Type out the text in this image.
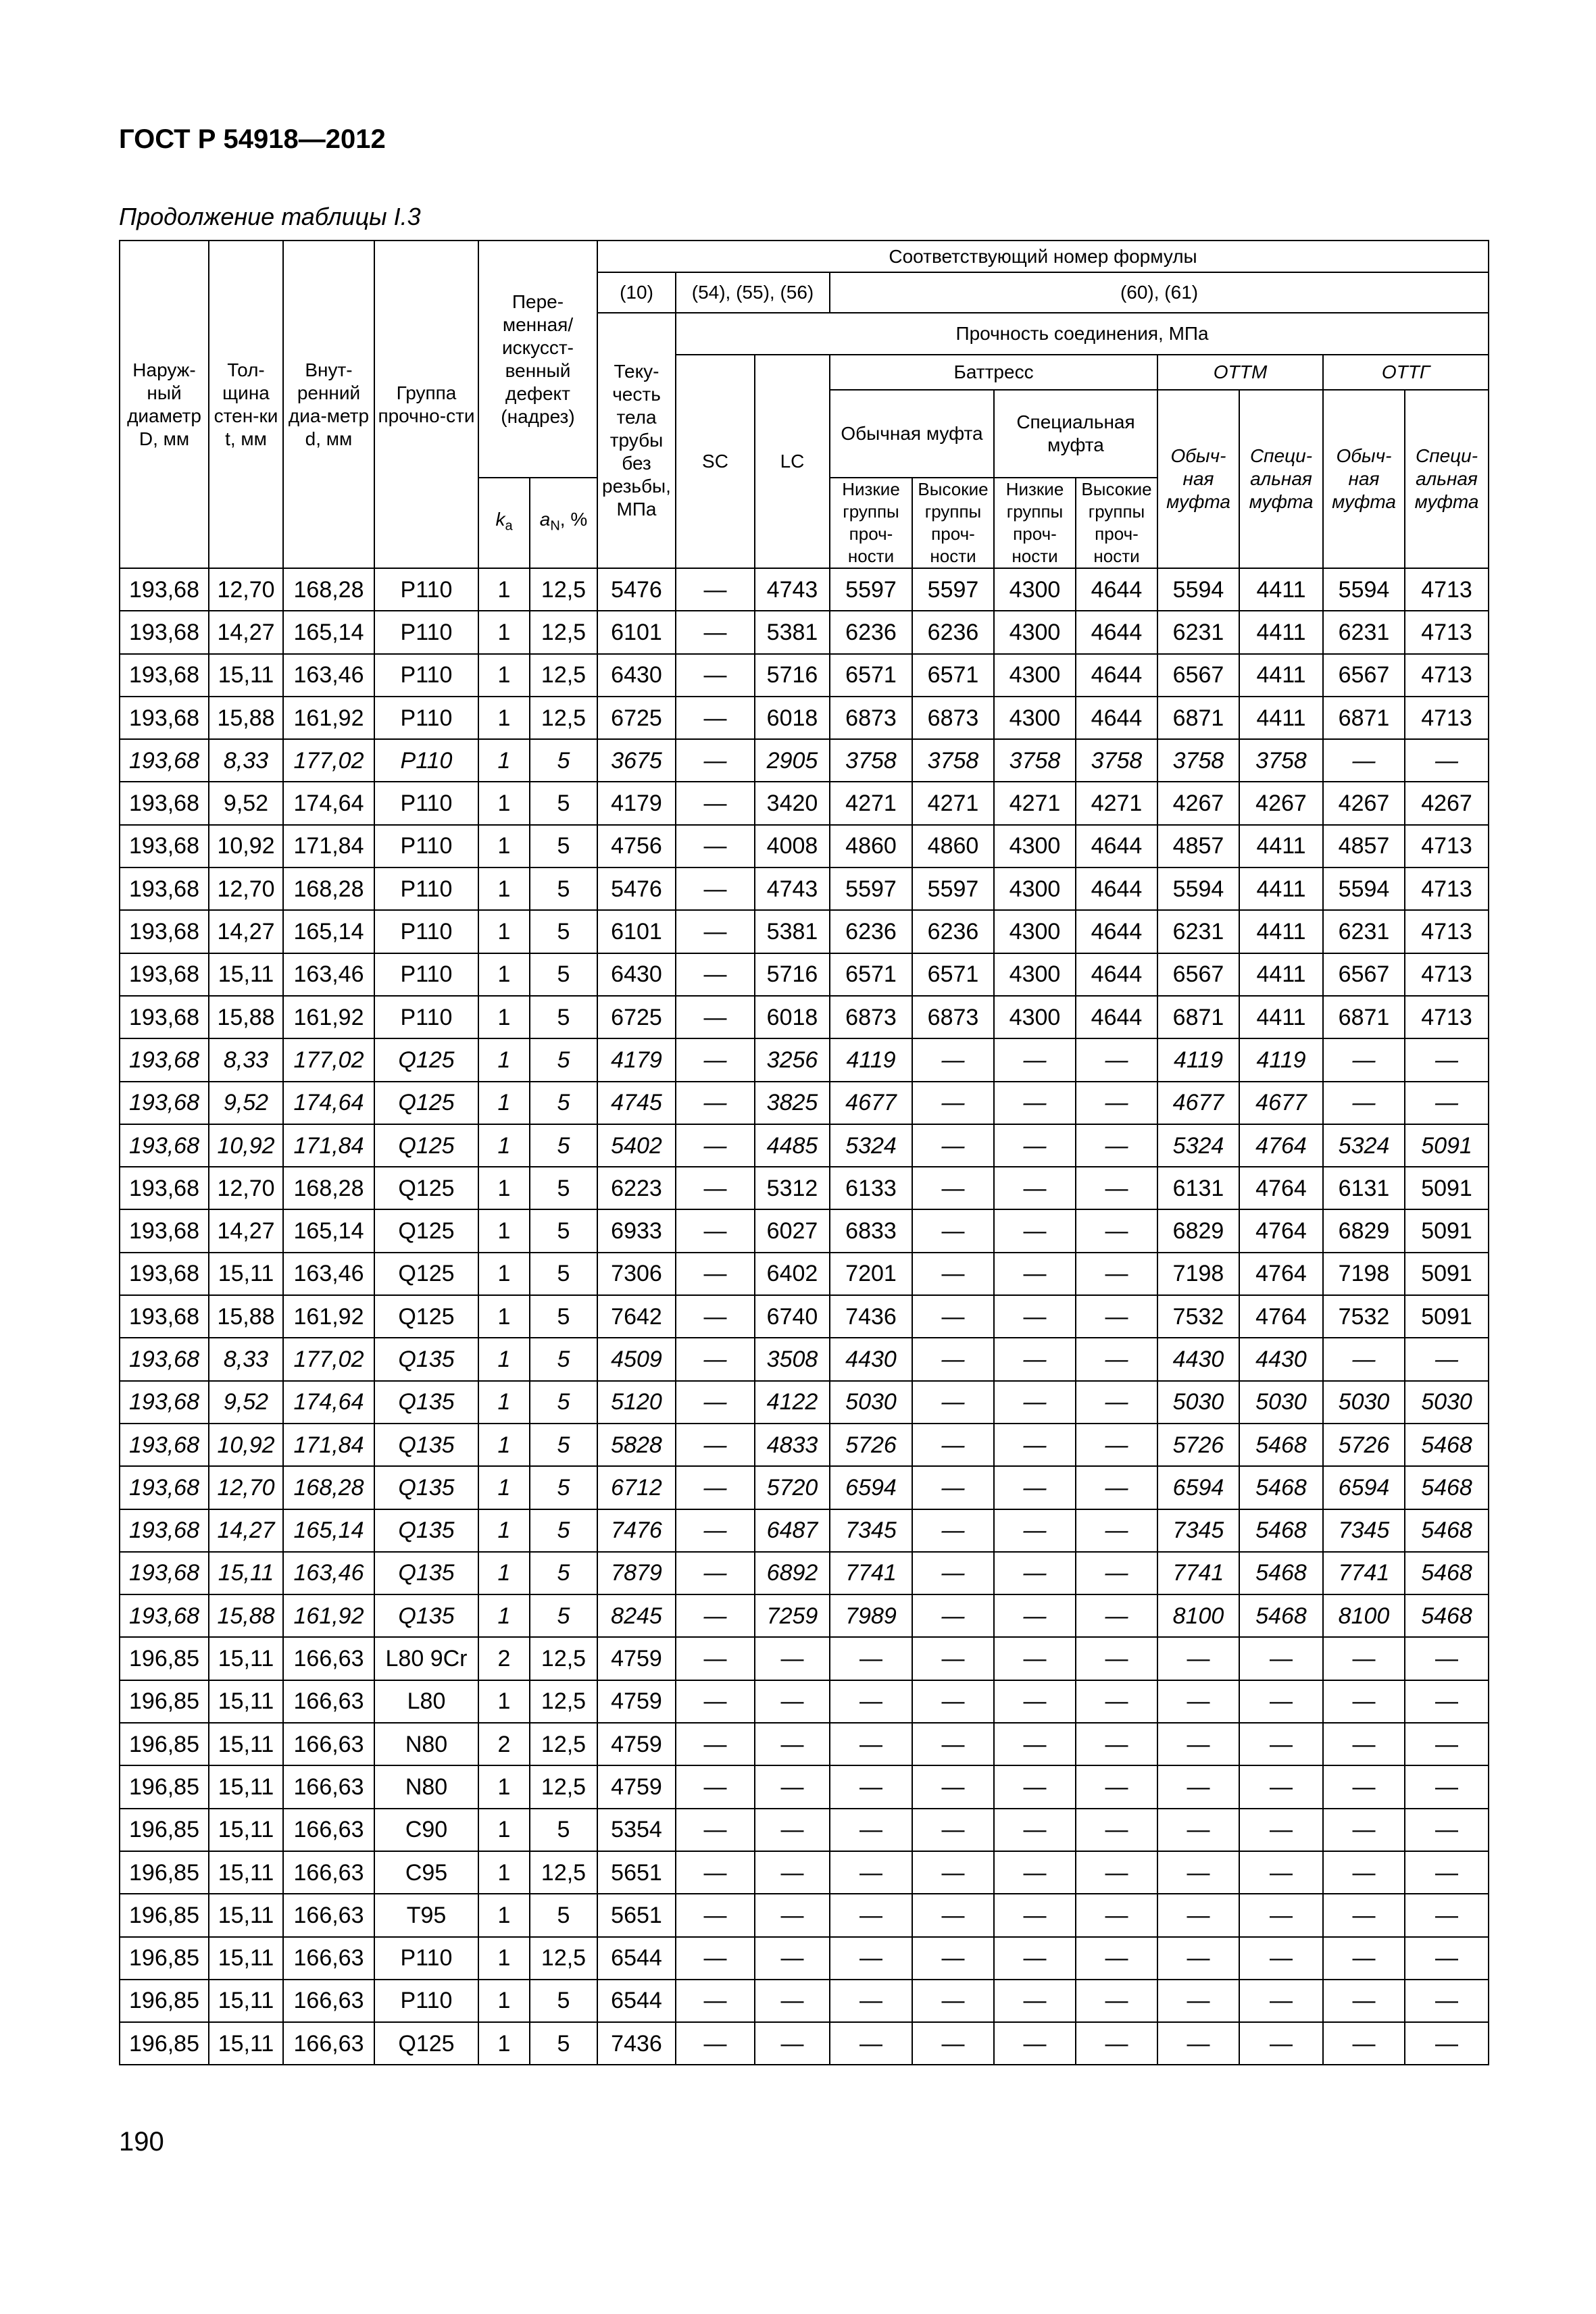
ГОСТ Р 54918—2012
Продолжение таблицы I.3
Наруж-ный диаметр D, мм	Тол-щина стен-ки t, мм	Внут-ренний диа-метр d, мм	Группа прочно-сти	Пере-менная/ искусст-венный дефект (надрез)		Соответствующий номер формулы											
						(10)	(54), (55), (56)		(60), (61)								
						Теку-честь тела трубы без резьбы, МПа	Прочность соединения, МПа										
							SC	LC	Баттресс				ОТТМ		ОТТГ		
									Обычная муфта		Специальная муфта		Обыч-ная муфта	Специ-альная муфта	Обыч-ная муфта	Специ-альная муфта	
				$k_a$	$a_N$, %				Низкие группы проч-ности	Высокие группы проч-ности	Низкие группы проч-ности	Высокие группы проч-ности				
193,68	12,70	168,28	P110	1	12,5	5476	—	4743	5597	5597	4300	4644	5594	4411	5594	4713	
193,68	14,27	165,14	P110	1	12,5	6101	—	5381	6236	6236	4300	4644	6231	4411	6231	4713	
193,68	15,11	163,46	P110	1	12,5	6430	—	5716	6571	6571	4300	4644	6567	4411	6567	4713	
193,68	15,88	161,92	P110	1	12,5	6725	—	6018	6873	6873	4300	4644	6871	4411	6871	4713	
193,68	8,33	177,02	P110	1	5	3675	—	2905	3758	3758	3758	3758	3758	3758	—	—	
193,68	9,52	174,64	P110	1	5	4179	—	3420	4271	4271	4271	4271	4267	4267	4267	4267	
193,68	10,92	171,84	P110	1	5	4756	—	4008	4860	4860	4300	4644	4857	4411	4857	4713	
193,68	12,70	168,28	P110	1	5	5476	—	4743	5597	5597	4300	4644	5594	4411	5594	4713	
193,68	14,27	165,14	P110	1	5	6101	—	5381	6236	6236	4300	4644	6231	4411	6231	4713	
193,68	15,11	163,46	P110	1	5	6430	—	5716	6571	6571	4300	4644	6567	4411	6567	4713	
193,68	15,88	161,92	P110	1	5	6725	—	6018	6873	6873	4300	4644	6871	4411	6871	4713	
193,68	8,33	177,02	Q125	1	5	4179	—	3256	4119	—	—	—	4119	4119	—	—	
193,68	9,52	174,64	Q125	1	5	4745	—	3825	4677	—	—	—	4677	4677	—	—	
193,68	10,92	171,84	Q125	1	5	5402	—	4485	5324	—	—	—	5324	4764	5324	5091	
193,68	12,70	168,28	Q125	1	5	6223	—	5312	6133	—	—	—	6131	4764	6131	5091	
193,68	14,27	165,14	Q125	1	5	6933	—	6027	6833	—	—	—	6829	4764	6829	5091	
193,68	15,11	163,46	Q125	1	5	7306	—	6402	7201	—	—	—	7198	4764	7198	5091	
193,68	15,88	161,92	Q125	1	5	7642	—	6740	7436	—	—	—	7532	4764	7532	5091	
193,68	8,33	177,02	Q135	1	5	4509	—	3508	4430	—	—	—	4430	4430	—	—	
193,68	9,52	174,64	Q135	1	5	5120	—	4122	5030	—	—	—	5030	5030	5030	5030	
193,68	10,92	171,84	Q135	1	5	5828	—	4833	5726	—	—	—	5726	5468	5726	5468	
193,68	12,70	168,28	Q135	1	5	6712	—	5720	6594	—	—	—	6594	5468	6594	5468	
193,68	14,27	165,14	Q135	1	5	7476	—	6487	7345	—	—	—	7345	5468	7345	5468	
193,68	15,11	163,46	Q135	1	5	7879	—	6892	7741	—	—	—	7741	5468	7741	5468	
193,68	15,88	161,92	Q135	1	5	8245	—	7259	7989	—	—	—	8100	5468	8100	5468	
196,85	15,11	166,63	L80 9Cr	2	12,5	4759	—	—	—	—	—	—	—	—	—	—	
196,85	15,11	166,63	L80	1	12,5	4759	—	—	—	—	—	—	—	—	—	—	
196,85	15,11	166,63	N80	2	12,5	4759	—	—	—	—	—	—	—	—	—	—	
196,85	15,11	166,63	N80	1	12,5	4759	—	—	—	—	—	—	—	—	—	—	
196,85	15,11	166,63	C90	1	5	5354	—	—	—	—	—	—	—	—	—	—	
196,85	15,11	166,63	C95	1	12,5	5651	—	—	—	—	—	—	—	—	—	—	
196,85	15,11	166,63	T95	1	5	5651	—	—	—	—	—	—	—	—	—	—	
196,85	15,11	166,63	P110	1	12,5	6544	—	—	—	—	—	—	—	—	—	—	
196,85	15,11	166,63	P110	1	5	6544	—	—	—	—	—	—	—	—	—	—	
196,85	15,11	166,63	Q125	1	5	7436	—	—	—	—	—	—	—	—	—	—	
190
